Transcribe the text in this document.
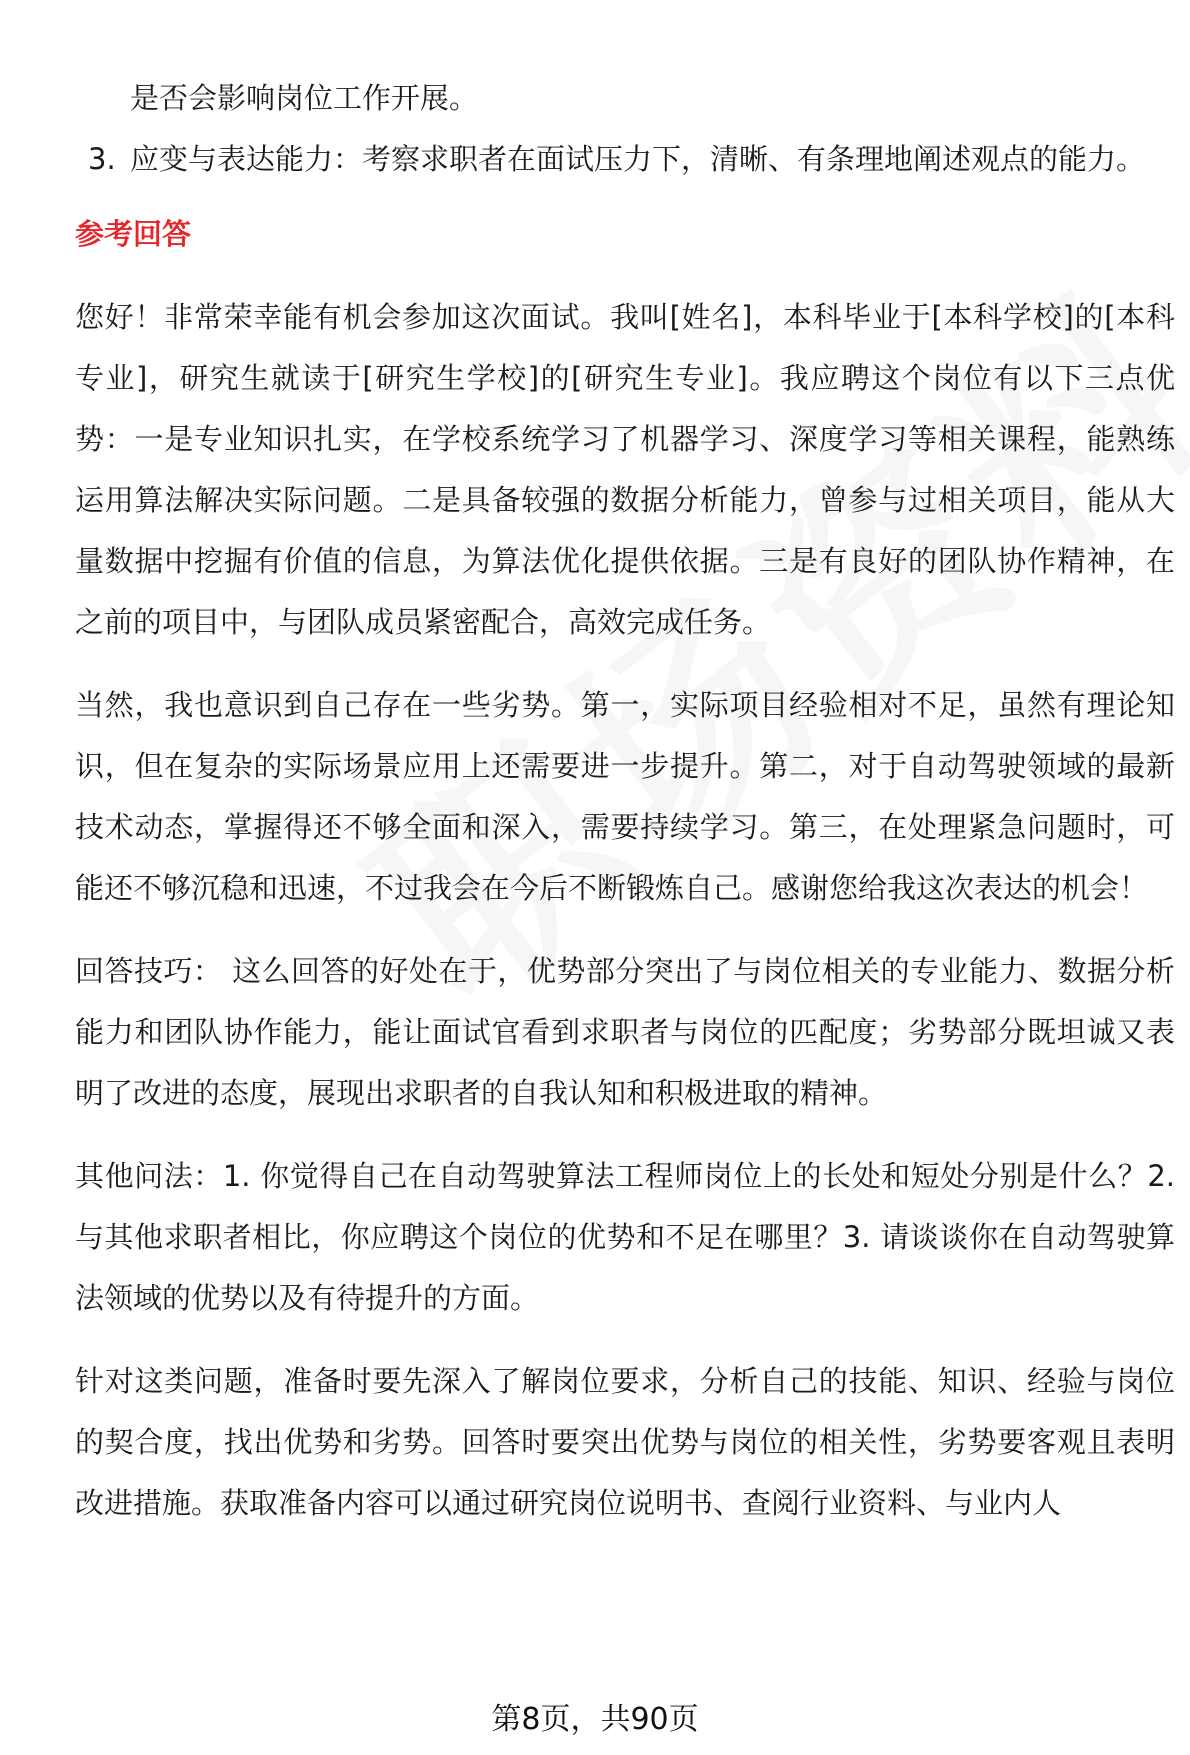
是否会影响岗位工作开展。

3. 应变与表达能力：考察求职者在面试压力下，清晰、有条理地阐述观点的能力。

参考回答

您好！非常荣幸能有机会参加这次面试。我叫[姓名]，本科毕业于[本科学校]的[本科专业]，研究生就读于[研究生学校]的[研究生专业]。我应聘这个岗位有以下三点优势：一是专业知识扎实，在学校系统学习了机器学习、深度学习等相关课程，能熟练运用算法解决实际问题。二是具备较强的数据分析能力，曾参与过相关项目，能从大量数据中挖掘有价值的信息，为算法优化提供依据。三是有良好的团队协作精神，在之前的项目中，与团队成员紧密配合，高效完成任务。

当然，我也意识到自己存在一些劣势。第一，实际项目经验相对不足，虽然有理论知识，但在复杂的实际场景应用上还需要进一步提升。第二，对于自动驾驶领域的最新技术动态，掌握得还不够全面和深入，需要持续学习。第三，在处理紧急问题时，可能还不够沉稳和迅速，不过我会在今后不断锻炼自己。感谢您给我这次表达的机会！

回答技巧： 这么回答的好处在于，优势部分突出了与岗位相关的专业能力、数据分析能力和团队协作能力，能让面试官看到求职者与岗位的匹配度；劣势部分既坦诚又表明了改进的态度，展现出求职者的自我认知和积极进取的精神。

其他问法：1. 你觉得自己在自动驾驶算法工程师岗位上的长处和短处分别是什么？2. 与其他求职者相比，你应聘这个岗位的优势和不足在哪里？3. 请谈谈你在自动驾驶算法领域的优势以及有待提升的方面。

针对这类问题，准备时要先深入了解岗位要求，分析自己的技能、知识、经验与岗位的契合度，找出优势和劣势。回答时要突出优势与岗位的相关性，劣势要客观且表明改进措施。获取准备内容可以通过研究岗位说明书、查阅行业资料、与业内人

第8页，共90页
